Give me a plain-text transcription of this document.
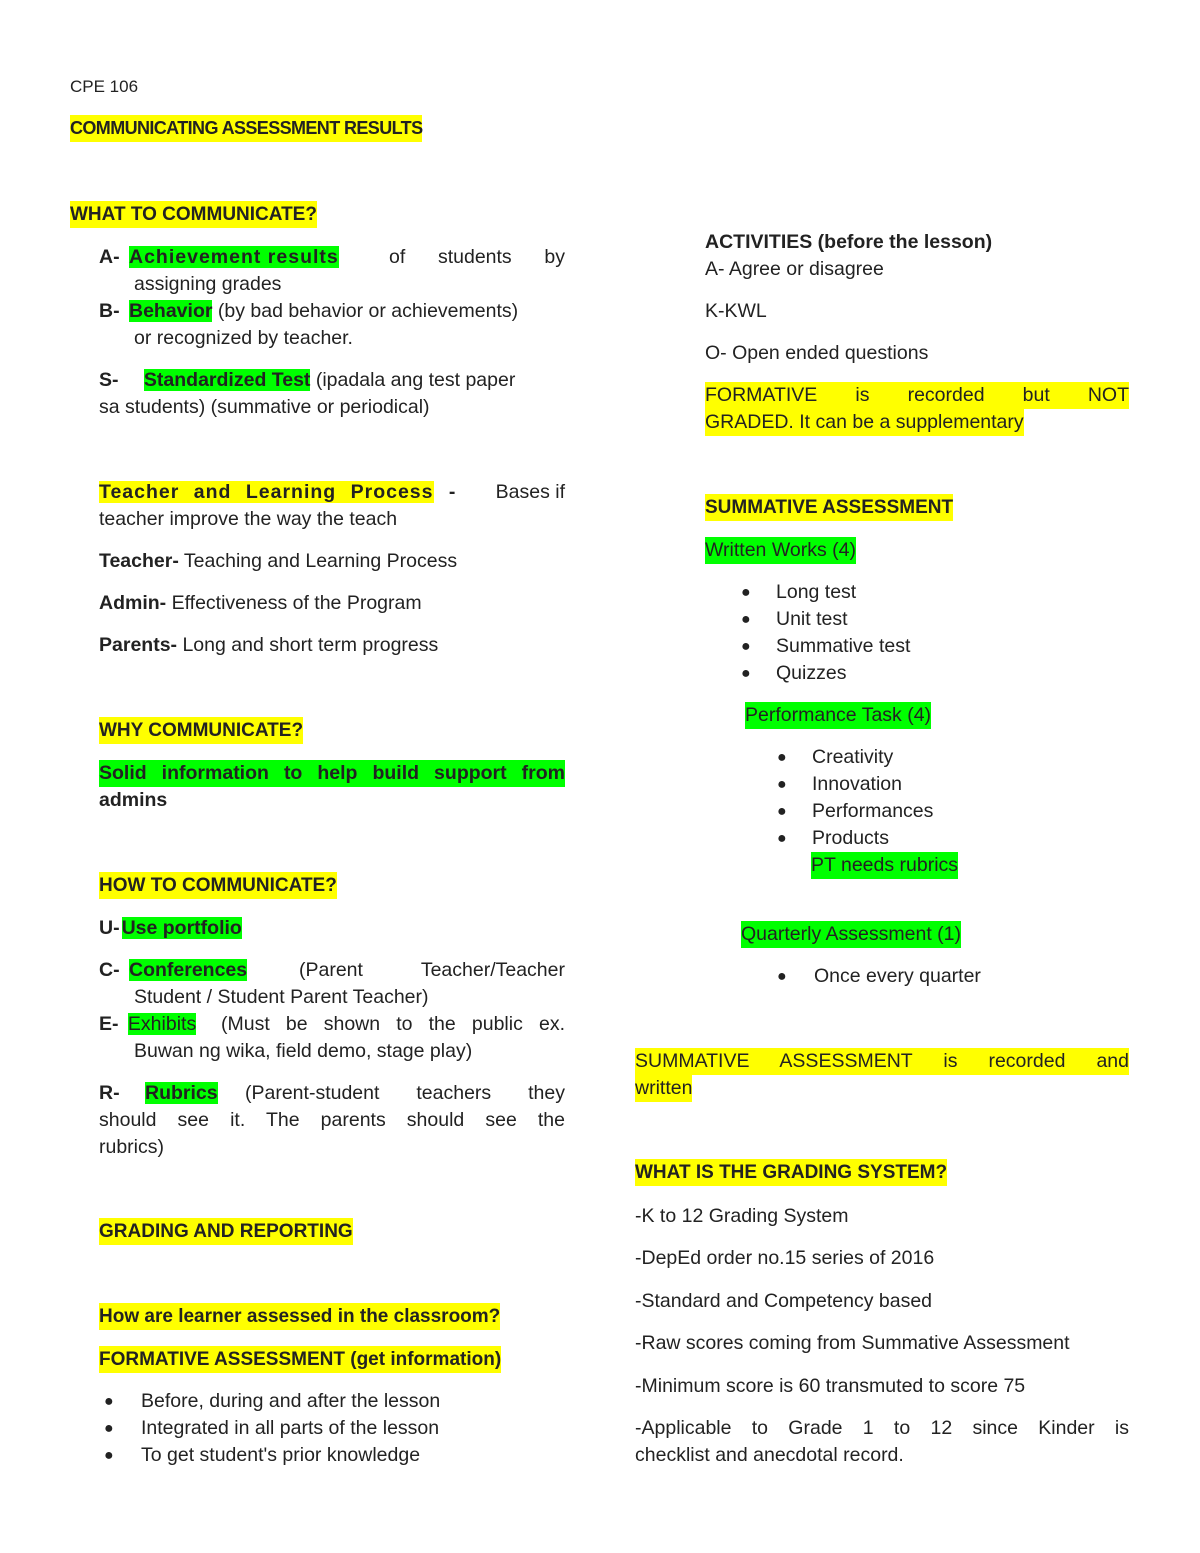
CPE 106
COMMUNICATING ASSESSMENT RESULTS
WHAT TO COMMUNICATE?
A- Achievement results	of students by
assigning grades
B- Behavior (by bad behavior or achievements)
or recognized by teacher.
S- Standardized Test (ipadala ang test paper
sa students) (summative or periodical)
Teacher and Learning Process - Bases if
teacher improve the way the teach
Teacher- Teaching and Learning Process
Admin- Effectiveness of the Program
Parents- Long and short term progress
WHY COMMUNICATE?
Solid information to help build support from
admins
HOW TO COMMUNICATE?
U- Use portfolio
C- Conferences	(Parent Teacher/Teacher
Student / Student Parent Teacher)
E- Exhibits (Must be shown to the public ex.
Buwan ng wika, field demo, stage play)
R- Rubrics (Parent-student teachers they
should see it. The parents should see the
rubrics)
GRADING AND REPORTING
How are learner assessed in the classroom?
FORMATIVE ASSESSMENT (get information)
● Before, during and after the lesson
● Integrated in all parts of the lesson
● To get student's prior knowledge
ACTIVITIES (before the lesson)
A- Agree or disagree
K-KWL
O- Open ended questions
FORMATIVE is recorded but NOT
GRADED. It can be a supplementary
SUMMATIVE ASSESSMENT
Written Works (4)
● Long test
● Unit test
● Summative test
● Quizzes
Performance Task (4)
● Creativity
● Innovation
● Performances
● Products
PT needs rubrics
Quarterly Assessment (1)
● Once every quarter
SUMMATIVE ASSESSMENT is recorded and
written
WHAT IS THE GRADING SYSTEM?
-K to 12 Grading System
-DepEd order no.15 series of 2016
-Standard and Competency based
-Raw scores coming from Summative Assessment
-Minimum score is 60 transmuted to score 75
-Applicable to Grade 1 to 12 since Kinder is
checklist and anecdotal record.
